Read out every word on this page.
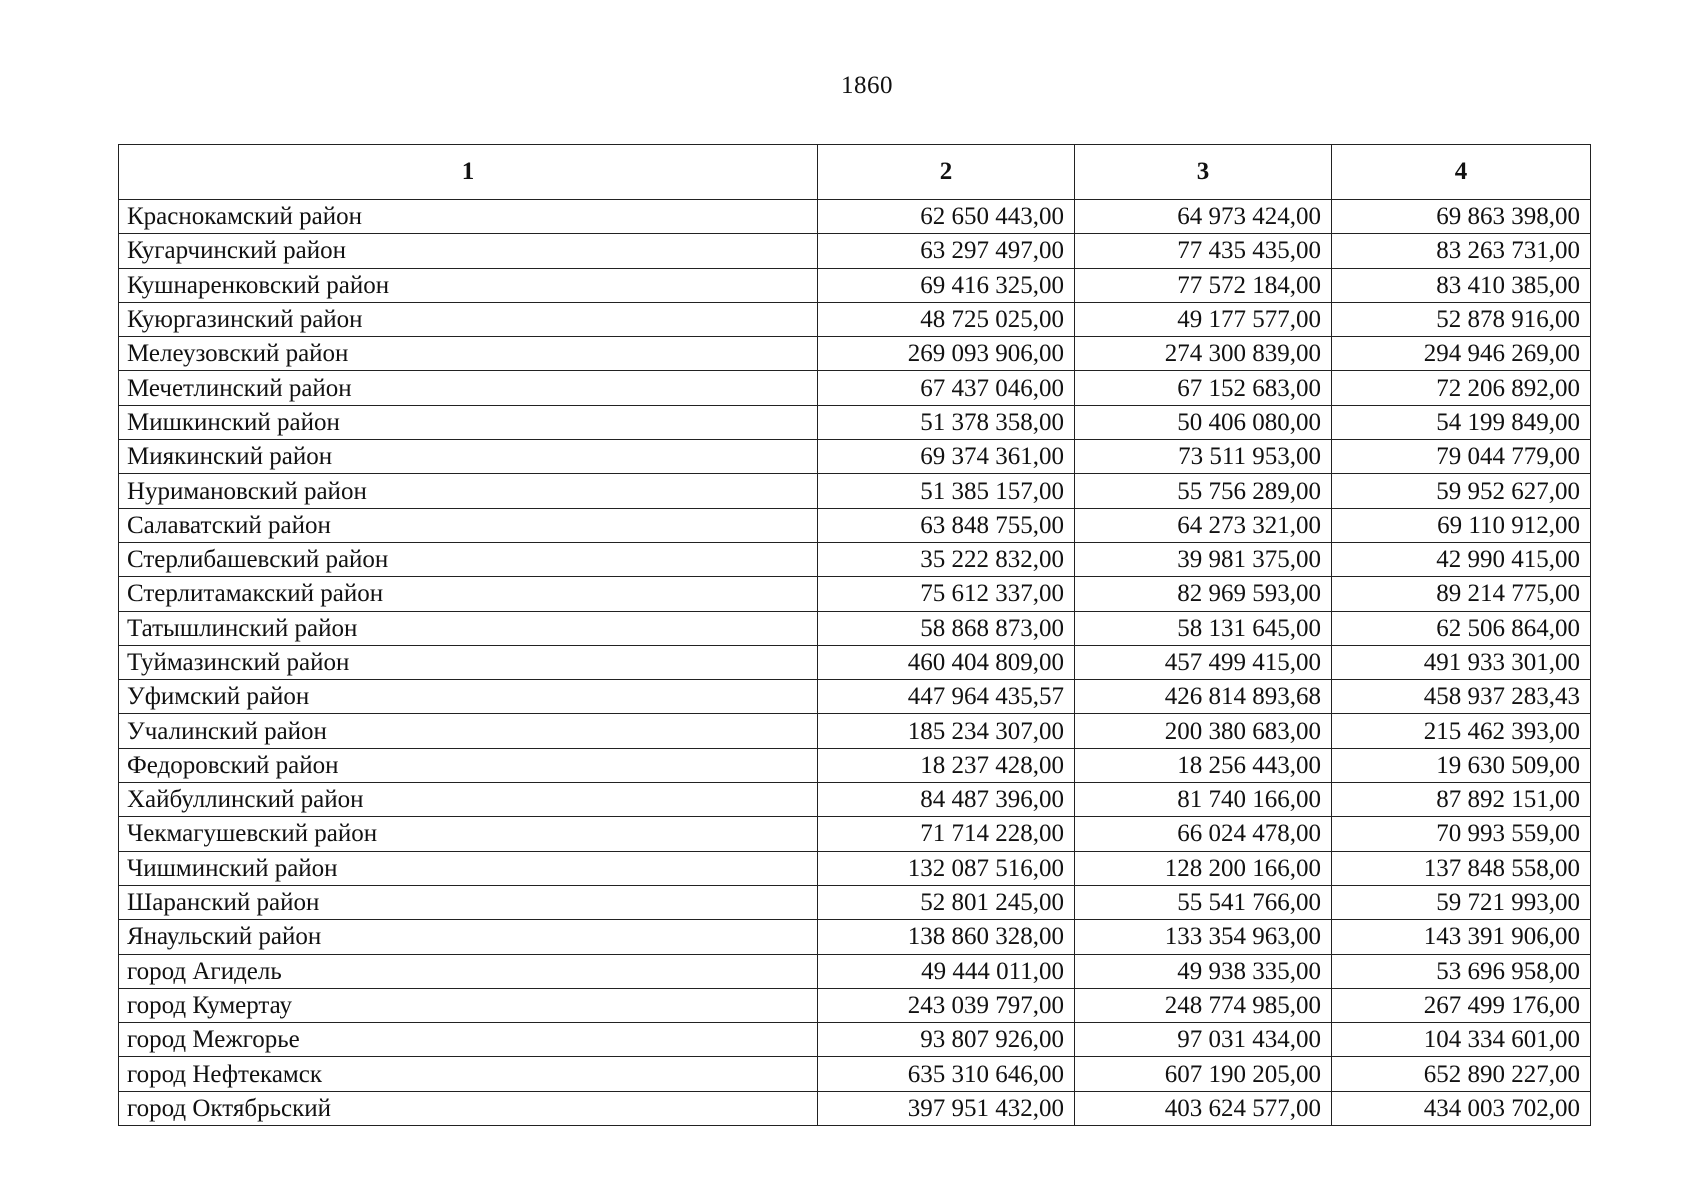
1860
1	2	3	4
Краснокамский район	62 650 443,00	64 973 424,00	69 863 398,00
Кугарчинский район	63 297 497,00	77 435 435,00	83 263 731,00
Кушнаренковский район	69 416 325,00	77 572 184,00	83 410 385,00
Куюргазинский район	48 725 025,00	49 177 577,00	52 878 916,00
Мелеузовский район	269 093 906,00	274 300 839,00	294 946 269,00
Мечетлинский район	67 437 046,00	67 152 683,00	72 206 892,00
Мишкинский район	51 378 358,00	50 406 080,00	54 199 849,00
Миякинский район	69 374 361,00	73 511 953,00	79 044 779,00
Нуримановский район	51 385 157,00	55 756 289,00	59 952 627,00
Салаватский район	63 848 755,00	64 273 321,00	69 110 912,00
Стерлибашевский район	35 222 832,00	39 981 375,00	42 990 415,00
Стерлитамакский район	75 612 337,00	82 969 593,00	89 214 775,00
Татышлинский район	58 868 873,00	58 131 645,00	62 506 864,00
Туймазинский район	460 404 809,00	457 499 415,00	491 933 301,00
Уфимский район	447 964 435,57	426 814 893,68	458 937 283,43
Учалинский район	185 234 307,00	200 380 683,00	215 462 393,00
Федоровский район	18 237 428,00	18 256 443,00	19 630 509,00
Хайбуллинский район	84 487 396,00	81 740 166,00	87 892 151,00
Чекмагушевский район	71 714 228,00	66 024 478,00	70 993 559,00
Чишминский район	132 087 516,00	128 200 166,00	137 848 558,00
Шаранский район	52 801 245,00	55 541 766,00	59 721 993,00
Янаульский район	138 860 328,00	133 354 963,00	143 391 906,00
город Агидель	49 444 011,00	49 938 335,00	53 696 958,00
город Кумертау	243 039 797,00	248 774 985,00	267 499 176,00
город Межгорье	93 807 926,00	97 031 434,00	104 334 601,00
город Нефтекамск	635 310 646,00	607 190 205,00	652 890 227,00
город Октябрьский	397 951 432,00	403 624 577,00	434 003 702,00
